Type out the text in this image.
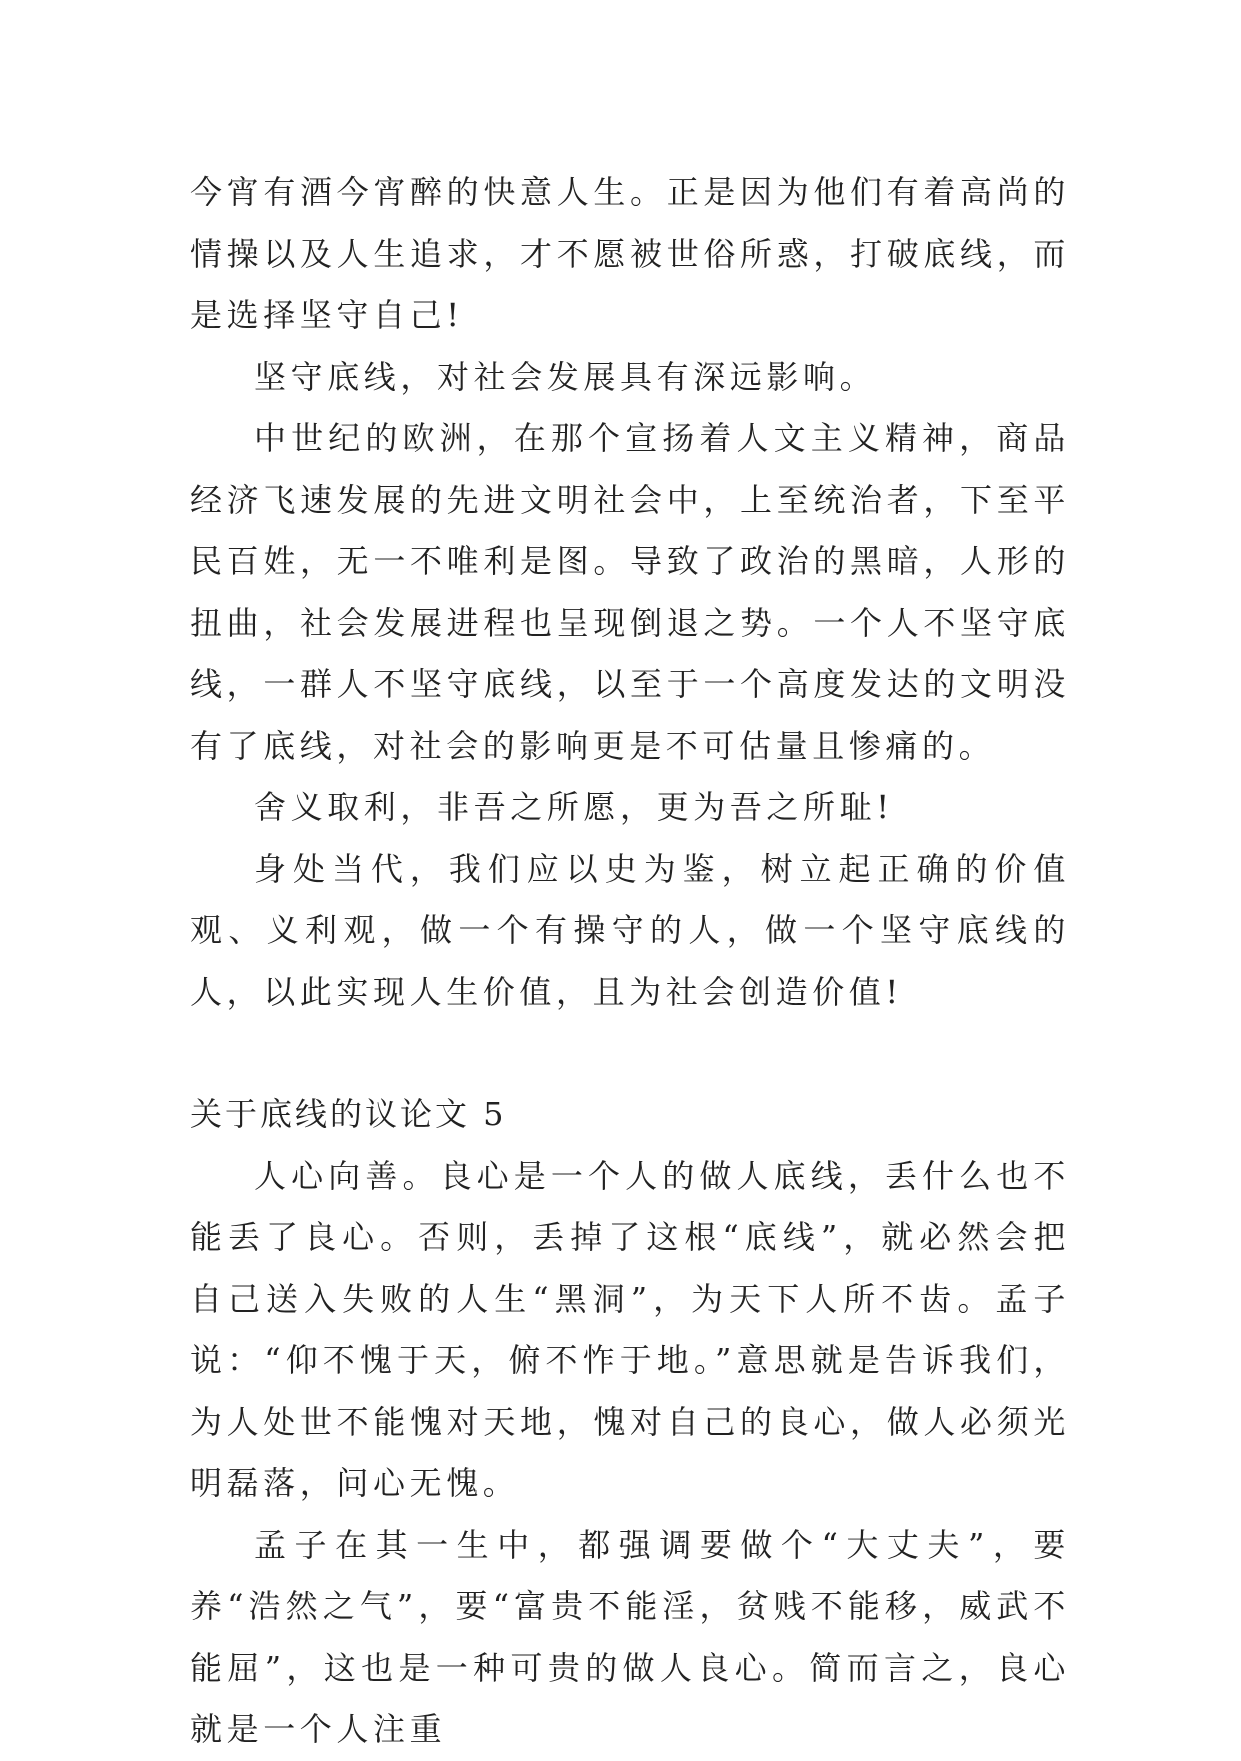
今宵有酒今宵醉的快意人生。正是因为他们有着高尚的情操以及人生追求，才不愿被世俗所惑，打破底线，而是选择坚守自己!

坚守底线，对社会发展具有深远影响。

中世纪的欧洲，在那个宣扬着人文主义精神，商品经济飞速发展的先进文明社会中，上至统治者，下至平民百姓，无一不唯利是图。导致了政治的黑暗，人形的扭曲，社会发展进程也呈现倒退之势。一个人不坚守底线，一群人不坚守底线，以至于一个高度发达的文明没有了底线，对社会的影响更是不可估量且惨痛的。

舍义取利，非吾之所愿，更为吾之所耻!

身处当代，我们应以史为鉴，树立起正确的价值观、义利观，做一个有操守的人，做一个坚守底线的人，以此实现人生价值，且为社会创造价值!

关于底线的议论文 5

人心向善。良心是一个人的做人底线，丢什么也不能丢了良心。否则，丢掉了这根“底线”，就必然会把自己送入失败的人生“黑洞”，为天下人所不齿。孟子说：“仰不愧于天，俯不怍于地。”意思就是告诉我们，为人处世不能愧对天地，愧对自己的良心，做人必须光明磊落，问心无愧。

孟子在其一生中，都强调要做个“大丈夫”，要养“浩然之气”，要“富贵不能淫，贫贱不能移，威武不能屈”，这也是一种可贵的做人良心。简而言之，良心就是一个人注重
